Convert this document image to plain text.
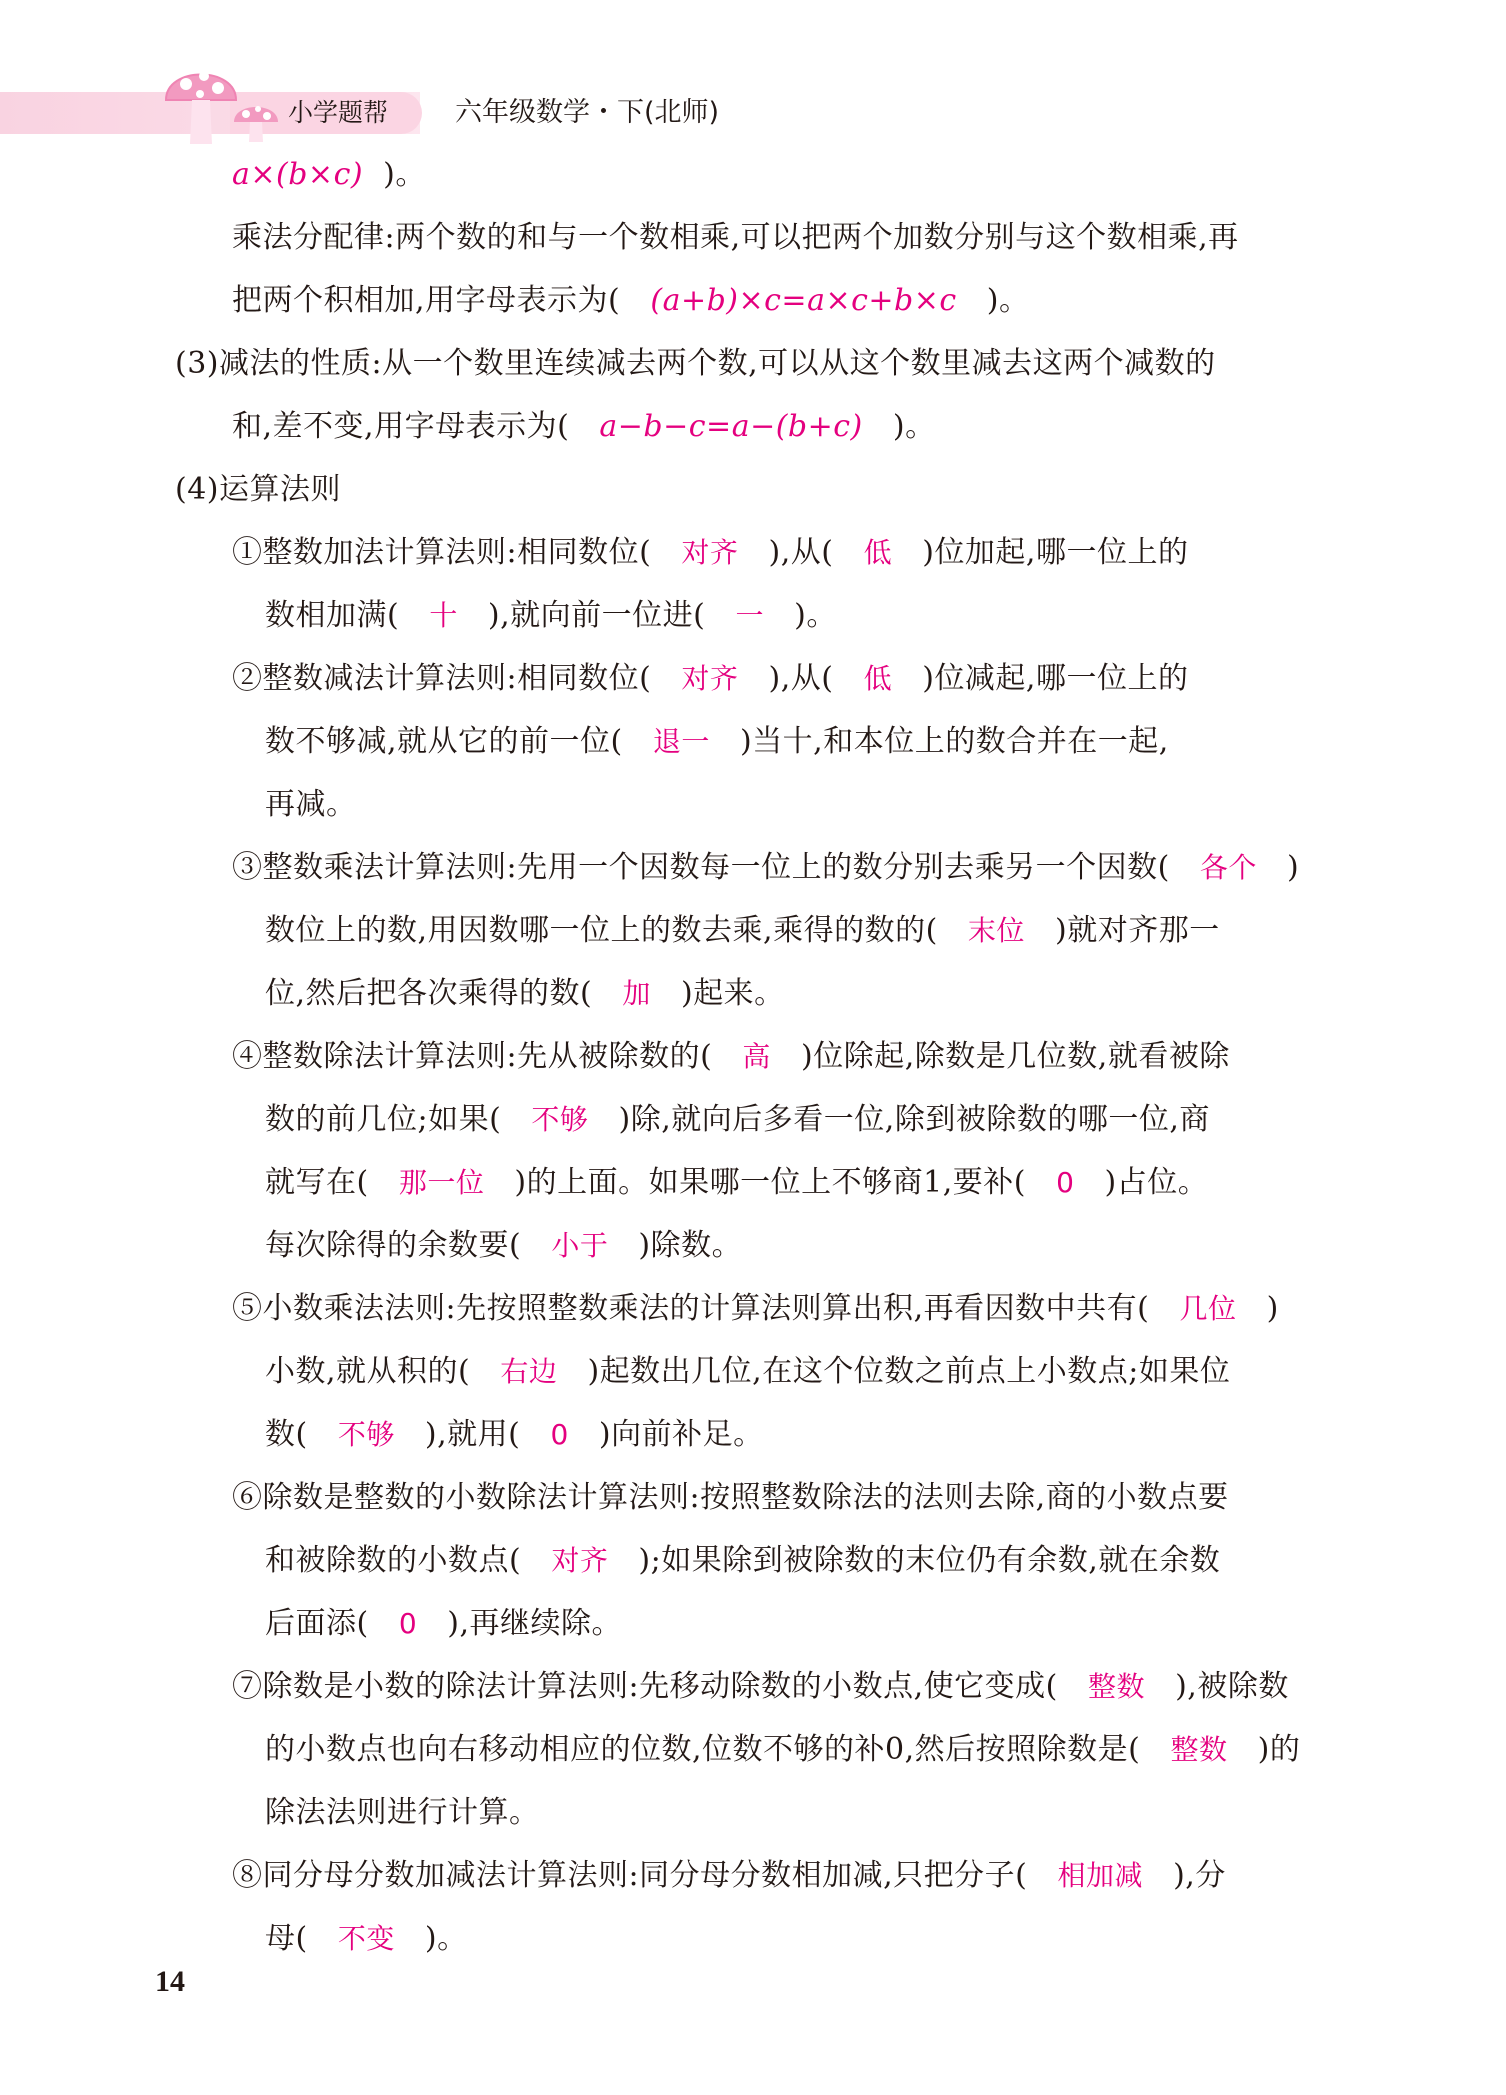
小学题帮 六年级数学・下(北师)
a×(b×c)  )。
乘法分配律:两个数的和与一个数相乘,可以把两个加数分别与这个数相乘,再
把两个积相加,用字母表示为(   (a+b)×c=a×c+b×c   )。
(3)减法的性质:从一个数里连续减去两个数,可以从这个数里减去这两个减数的
和,差不变,用字母表示为(   a−b−c=a−(b+c)   )。
(4)运算法则
①整数加法计算法则:相同数位(   对齐   ),从(   低   )位加起,哪一位上的
数相加满(   十   ),就向前一位进(   一   )。
②整数减法计算法则:相同数位(   对齐   ),从(   低   )位减起,哪一位上的
数不够减,就从它的前一位(   退一   )当十,和本位上的数合并在一起,
再减。
③整数乘法计算法则:先用一个因数每一位上的数分别去乘另一个因数(   各个   )
数位上的数,用因数哪一位上的数去乘,乘得的数的(   末位   )就对齐那一
位,然后把各次乘得的数(   加   )起来。
④整数除法计算法则:先从被除数的(   高   )位除起,除数是几位数,就看被除
数的前几位;如果(   不够   )除,就向后多看一位,除到被除数的哪一位,商
就写在(   那一位   )的上面。如果哪一位上不够商1,要补(   0   )占位。
每次除得的余数要(   小于   )除数。
⑤小数乘法法则:先按照整数乘法的计算法则算出积,再看因数中共有(   几位   )
小数,就从积的(   右边   )起数出几位,在这个位数之前点上小数点;如果位
数(   不够   ),就用(   0   )向前补足。
⑥除数是整数的小数除法计算法则:按照整数除法的法则去除,商的小数点要
和被除数的小数点(   对齐   );如果除到被除数的末位仍有余数,就在余数
后面添(   0   ),再继续除。
⑦除数是小数的除法计算法则:先移动除数的小数点,使它变成(   整数   ),被除数
的小数点也向右移动相应的位数,位数不够的补0,然后按照除数是(   整数   )的
除法法则进行计算。
⑧同分母分数加减法计算法则:同分母分数相加减,只把分子(   相加减   ),分
母(   不变   )。
14
